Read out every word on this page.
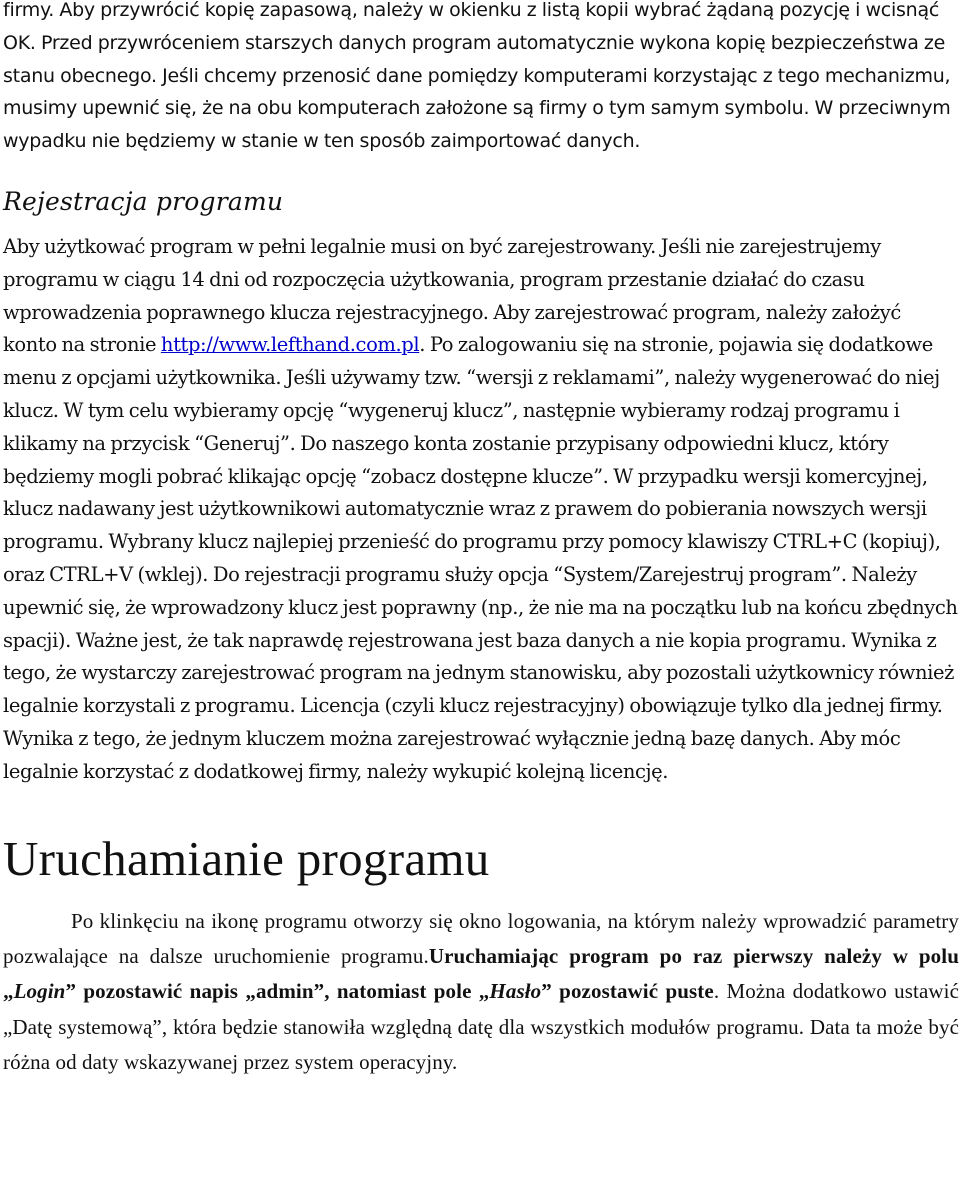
firmy. Aby przywrócić kopię zapasową, należy w okienku z listą kopii wybrać żądaną pozycję i wcisnąć OK. Przed przywróceniem starszych danych program automatycznie wykona kopię bezpieczeństwa ze stanu obecnego. Jeśli chcemy przenosić dane pomiędzy komputerami korzystając z tego mechanizmu, musimy upewnić się, że na obu komputerach założone są firmy o tym samym symbolu. W przeciwnym wypadku nie będziemy w stanie w ten sposób zaimportować danych.

Rejestracja programu

Aby użytkować program w pełni legalnie musi on być zarejestrowany. Jeśli nie zarejestrujemy programu w ciągu 14 dni od rozpoczęcia użytkowania, program przestanie działać do czasu wprowadzenia poprawnego klucza rejestracyjnego. Aby zarejestrować program, należy założyć konto na stronie http://www.lefthand.com.pl. Po zalogowaniu się na stronie, pojawia się dodatkowe menu z opcjami użytkownika. Jeśli używamy tzw. “wersji z reklamami”, należy wygenerować do niej klucz. W tym celu wybieramy opcję “wygeneruj klucz”, następnie wybieramy rodzaj programu i klikamy na przycisk “Generuj”. Do naszego konta zostanie przypisany odpowiedni klucz, który będziemy mogli pobrać klikając opcję “zobacz dostępne klucze”. W przypadku wersji komercyjnej, klucz nadawany jest użytkownikowi automatycznie wraz z prawem do pobierania nowszych wersji programu. Wybrany klucz najlepiej przenieść do programu przy pomocy klawiszy CTRL+C (kopiuj), oraz CTRL+V (wklej). Do rejestracji programu służy opcja “System/Zarejestruj program”. Należy upewnić się, że wprowadzony klucz jest poprawny (np., że nie ma na początku lub na końcu zbędnych spacji). Ważne jest, że tak naprawdę rejestrowana jest baza danych a nie kopia programu. Wynika z tego, że wystarczy zarejestrować program na jednym stanowisku, aby pozostali użytkownicy również legalnie korzystali z programu. Licencja (czyli klucz rejestracyjny) obowiązuje tylko dla jednej firmy. Wynika z tego, że jednym kluczem można zarejestrować wyłącznie jedną bazę danych. Aby móc legalnie korzystać z dodatkowej firmy, należy wykupić kolejną licencję.

Uruchamianie programu

Po klinkęciu na ikonę programu otworzy się okno logowania, na którym należy wprowadzić parametry pozwalające na dalsze uruchomienie programu.Uruchamiając program po raz pierwszy należy w polu „Login” pozostawić napis „admin”, natomiast pole „Hasło” pozostawić puste. Można dodatkowo ustawić „Datę systemową”, która będzie stanowiła względną datę dla wszystkich modułów programu. Data ta może być różna od daty wskazywanej przez system operacyjny.
